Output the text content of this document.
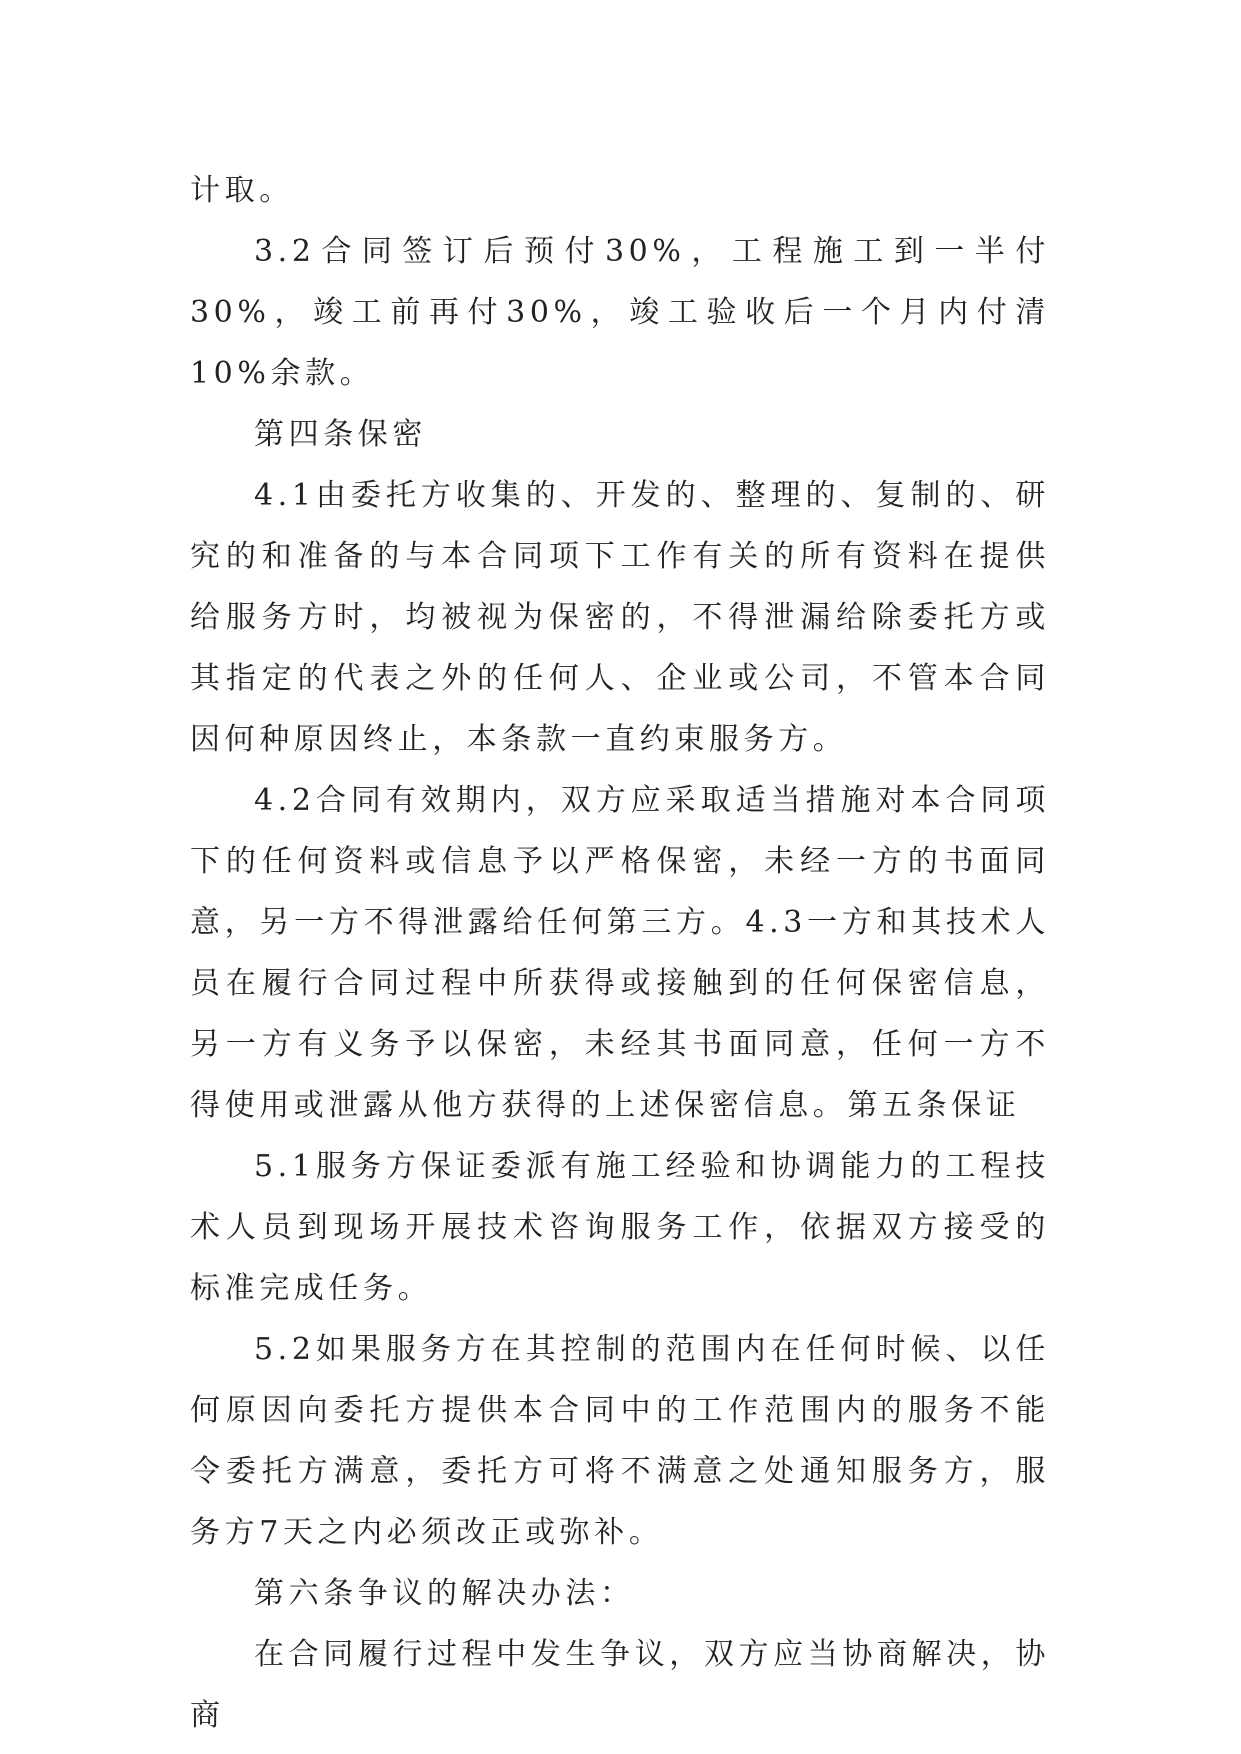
计取。

3.2合同签订后预付30%，工程施工到一半付30%，竣工前再付30%，竣工验收后一个月内付清10%余款。

第四条保密

4.1由委托方收集的、开发的、整理的、复制的、研究的和准备的与本合同项下工作有关的所有资料在提供给服务方时，均被视为保密的，不得泄漏给除委托方或其指定的代表之外的任何人、企业或公司，不管本合同因何种原因终止，本条款一直约束服务方。

4.2合同有效期内，双方应采取适当措施对本合同项下的任何资料或信息予以严格保密，未经一方的书面同意，另一方不得泄露给任何第三方。4.3一方和其技术人员在履行合同过程中所获得或接触到的任何保密信息，另一方有义务予以保密，未经其书面同意，任何一方不得使用或泄露从他方获得的上述保密信息。第五条保证

5.1服务方保证委派有施工经验和协调能力的工程技术人员到现场开展技术咨询服务工作，依据双方接受的标准完成任务。

5.2如果服务方在其控制的范围内在任何时候、以任何原因向委托方提供本合同中的工作范围内的服务不能令委托方满意，委托方可将不满意之处通知服务方，服务方7天之内必须改正或弥补。

第六条争议的解决办法：

在合同履行过程中发生争议，双方应当协商解决，协商
